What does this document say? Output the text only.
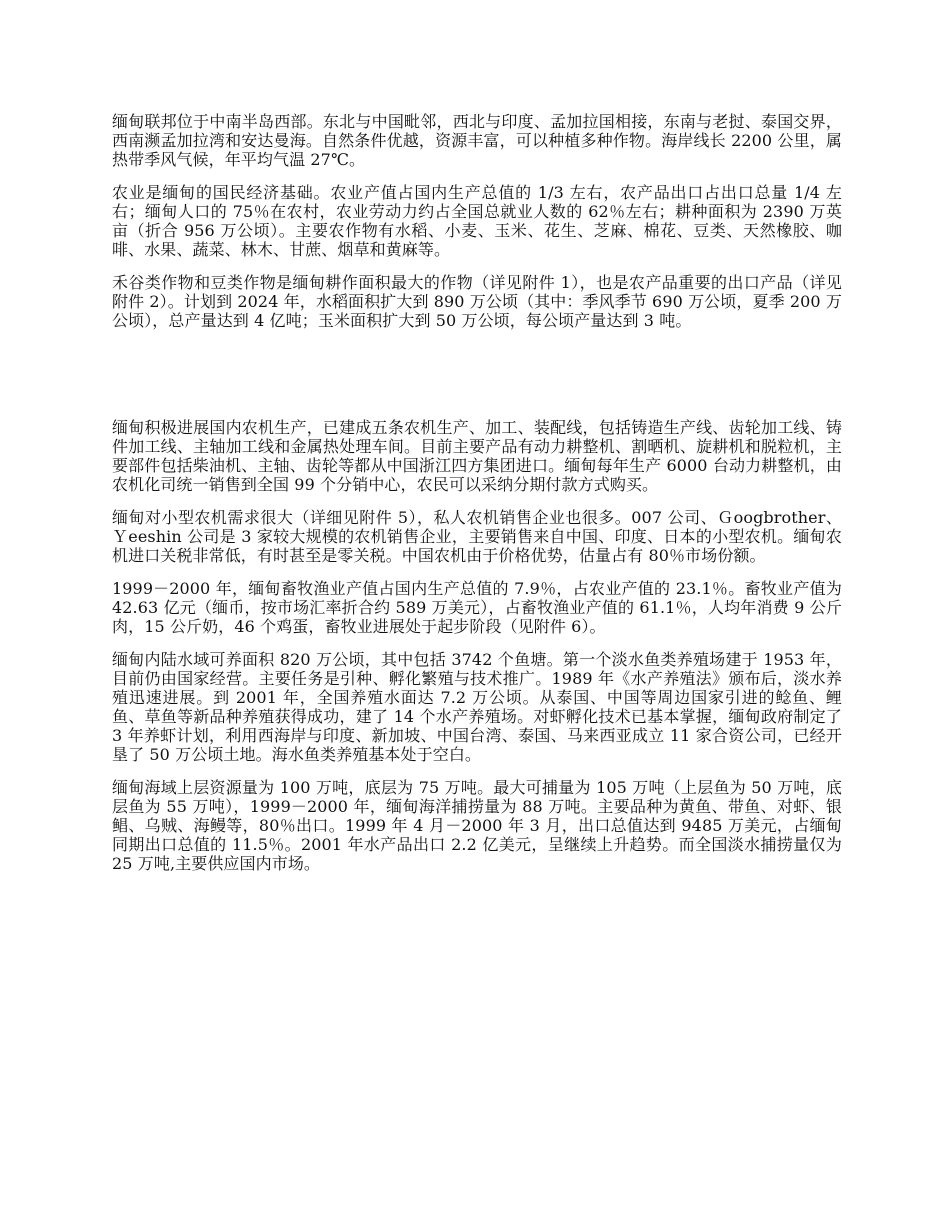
缅甸联邦位于中南半岛西部。东北与中国毗邻，西北与印度、孟加拉国相接，东南与老挝、泰国交界，西南濒孟加拉湾和安达曼海。自然条件优越，资源丰富，可以种植多种作物。海岸线长 2200 公里，属热带季风气候，年平均气温 27℃。

农业是缅甸的国民经济基础。农业产值占国内生产总值的 1/3 左右，农产品出口占出口总量 1/4 左右；缅甸人口的 75％在农村，农业劳动力约占全国总就业人数的 62％左右；耕种面积为 2390 万英亩（折合 956 万公顷）。主要农作物有水稻、小麦、玉米、花生、芝麻、棉花、豆类、天然橡胶、咖啡、水果、蔬菜、林木、甘蔗、烟草和黄麻等。

禾谷类作物和豆类作物是缅甸耕作面积最大的作物（详见附件 1），也是农产品重要的出口产品（详见附件 2）。计划到 2024 年，水稻面积扩大到 890 万公顷（其中：季风季节 690 万公顷，夏季 200 万公顷），总产量达到 4 亿吨；玉米面积扩大到 50 万公顷，每公顷产量达到 3 吨。

缅甸积极进展国内农机生产，已建成五条农机生产、加工、装配线，包括铸造生产线、齿轮加工线、铸件加工线、主轴加工线和金属热处理车间。目前主要产品有动力耕整机、割晒机、旋耕机和脱粒机，主要部件包括柴油机、主轴、齿轮等都从中国浙江四方集团进口。缅甸每年生产 6000 台动力耕整机，由农机化司统一销售到全国 99 个分销中心，农民可以采纳分期付款方式购买。

缅甸对小型农机需求很大（详细见附件 5），私人农机销售企业也很多。007 公司、Ｇoogbrother、Ｙeeshin 公司是 3 家较大规模的农机销售企业，主要销售来自中国、印度、日本的小型农机。缅甸农机进口关税非常低，有时甚至是零关税。中国农机由于价格优势，估量占有 80％市场份额。

1999－2000 年，缅甸畜牧渔业产值占国内生产总值的 7.9％，占农业产值的 23.1％。畜牧业产值为 42.63 亿元（缅币，按市场汇率折合约 589 万美元），占畜牧渔业产值的 61.1％，人均年消费 9 公斤肉，15 公斤奶，46 个鸡蛋，畜牧业进展处于起步阶段（见附件 6）。

缅甸内陆水域可养面积 820 万公顷，其中包括 3742 个鱼塘。第一个淡水鱼类养殖场建于 1953 年，目前仍由国家经营。主要任务是引种、孵化繁殖与技术推广。1989 年《水产养殖法》颁布后，淡水养殖迅速进展。到 2001 年，全国养殖水面达 7.2 万公顷。从泰国、中国等周边国家引进的鲶鱼、鲤鱼、草鱼等新品种养殖获得成功，建了 14 个水产养殖场。对虾孵化技术已基本掌握，缅甸政府制定了 3 年养虾计划，利用西海岸与印度、新加坡、中国台湾、泰国、马来西亚成立 11 家合资公司，已经开垦了 50 万公顷土地。海水鱼类养殖基本处于空白。

缅甸海域上层资源量为 100 万吨，底层为 75 万吨。最大可捕量为 105 万吨（上层鱼为 50 万吨，底层鱼为 55 万吨），1999－2000 年，缅甸海洋捕捞量为 88 万吨。主要品种为黄鱼、带鱼、对虾、银鲳、乌贼、海鳗等，80％出口。1999 年 4 月－2000 年 3 月，出口总值达到 9485 万美元，占缅甸同期出口总值的 11.5％。2001 年水产品出口 2.2 亿美元，呈继续上升趋势。而全国淡水捕捞量仅为 25 万吨,主要供应国内市场。
